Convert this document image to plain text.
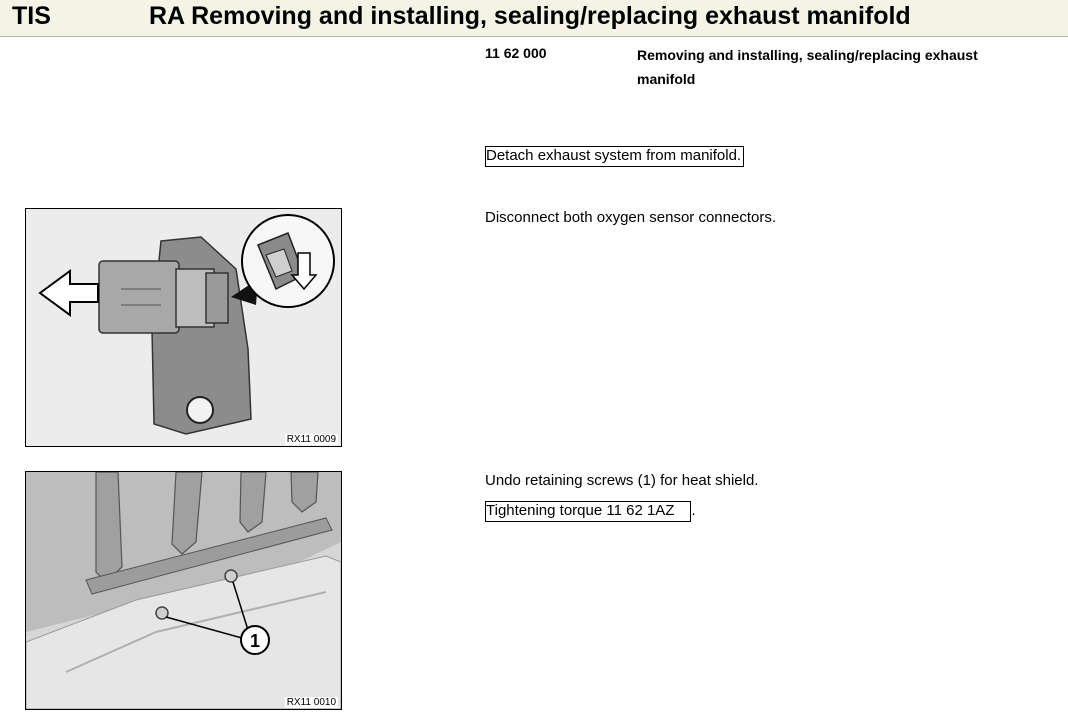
TIS	RA Removing and installing, sealing/replacing exhaust manifold
11 62 000	Removing and installing, sealing/replacing exhaust manifold
Detach exhaust system from manifold.
Disconnect both oxygen sensor connectors.
Undo retaining screws (1) for heat shield.
Tightening torque 11 62 1AZ .
RX11 0009
1
RX11 0010
